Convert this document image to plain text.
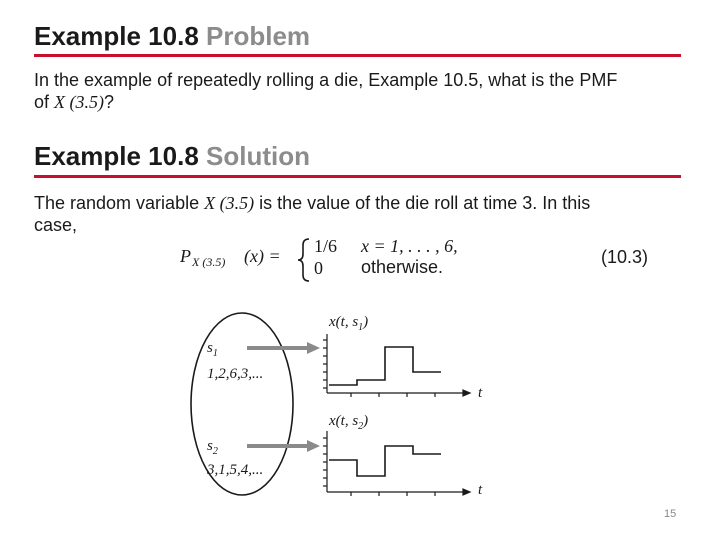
Example 10.8 Problem
In the example of repeatedly rolling a die, Example 10.5, what is the PMF
of X (3.5)?
Example 10.8 Solution
The random variable X (3.5) is the value of the die roll at time 3. In this
case,
P X (3.5) (x) = 1/6 x = 1, . . . , 6,
0 otherwise.	(10.3)
$s_1$
1,2,6,3,...
$s_2$
3,1,5,4,...
x(t, $s_1$)
x(t, $s_2$)
t
t
15
